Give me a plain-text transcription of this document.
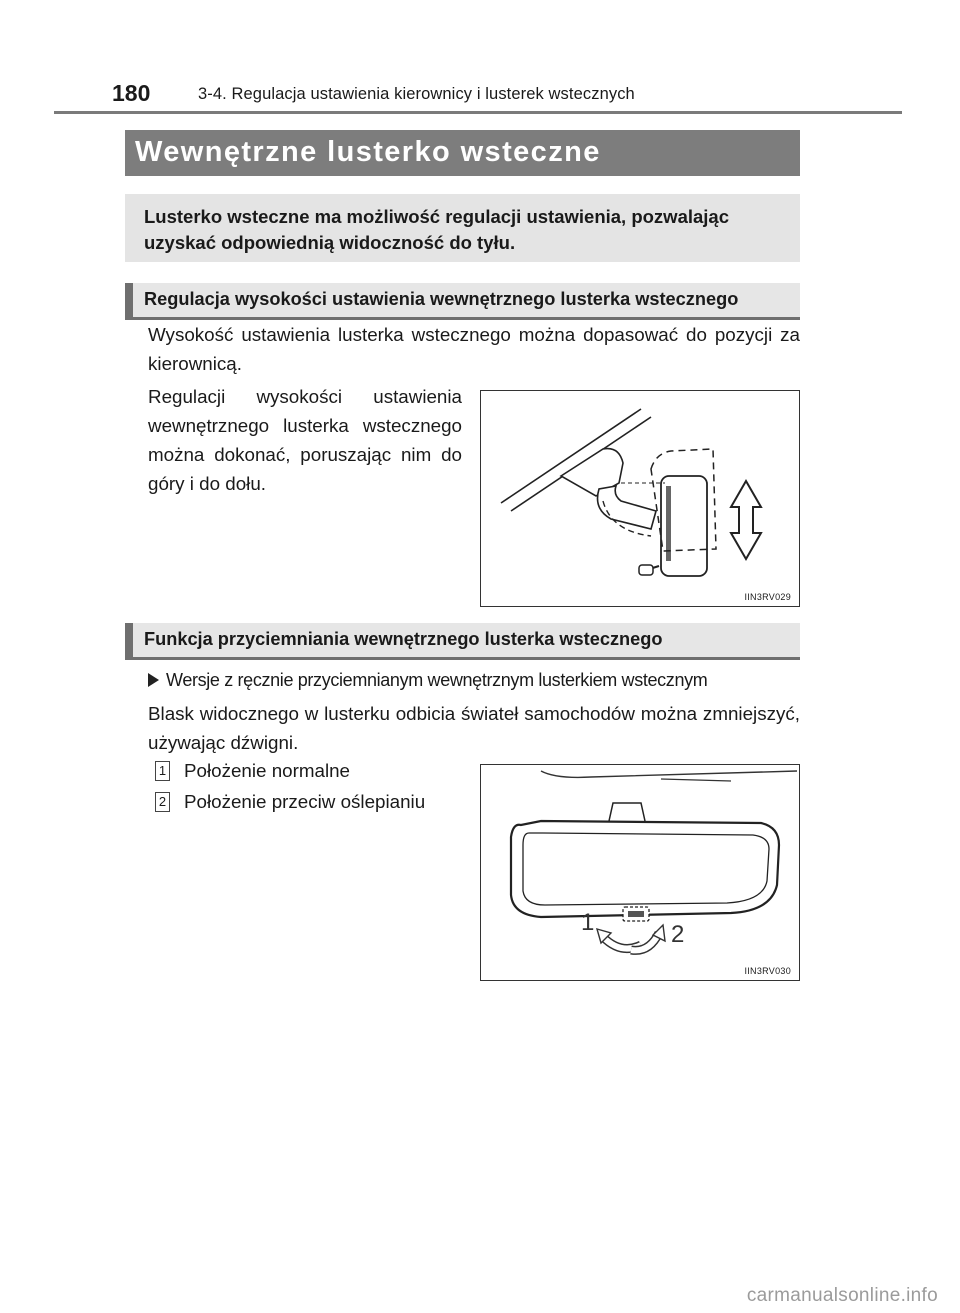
180	3-4. Regulacja ustawienia kierownicy i lusterek wstecznych
Wewnętrzne lusterko wsteczne
Lusterko wsteczne ma możliwość regulacji ustawienia, pozwalając uzyskać odpowiednią widoczność do tyłu.
Regulacja wysokości ustawienia wewnętrznego lusterka wstecznego
Wysokość ustawienia lusterka wstecznego można dopasować do pozycji za kierownicą.
Regulacji wysokości ustawienia wewnętrznego lusterka wstecznego można dokonać, poruszając nim do góry i do dołu.
IIN3RV029
Funkcja przyciemniania wewnętrznego lusterka wstecznego
Wersje z ręcznie przyciemnianym wewnętrznym lusterkiem wstecznym
Blask widocznego w lusterku odbicia świateł samochodów można zmniejszyć, używając dźwigni.
1 Położenie normalne
2 Położenie przeciw oślepianiu
1	2
IIN3RV030
carmanualsonline.info
